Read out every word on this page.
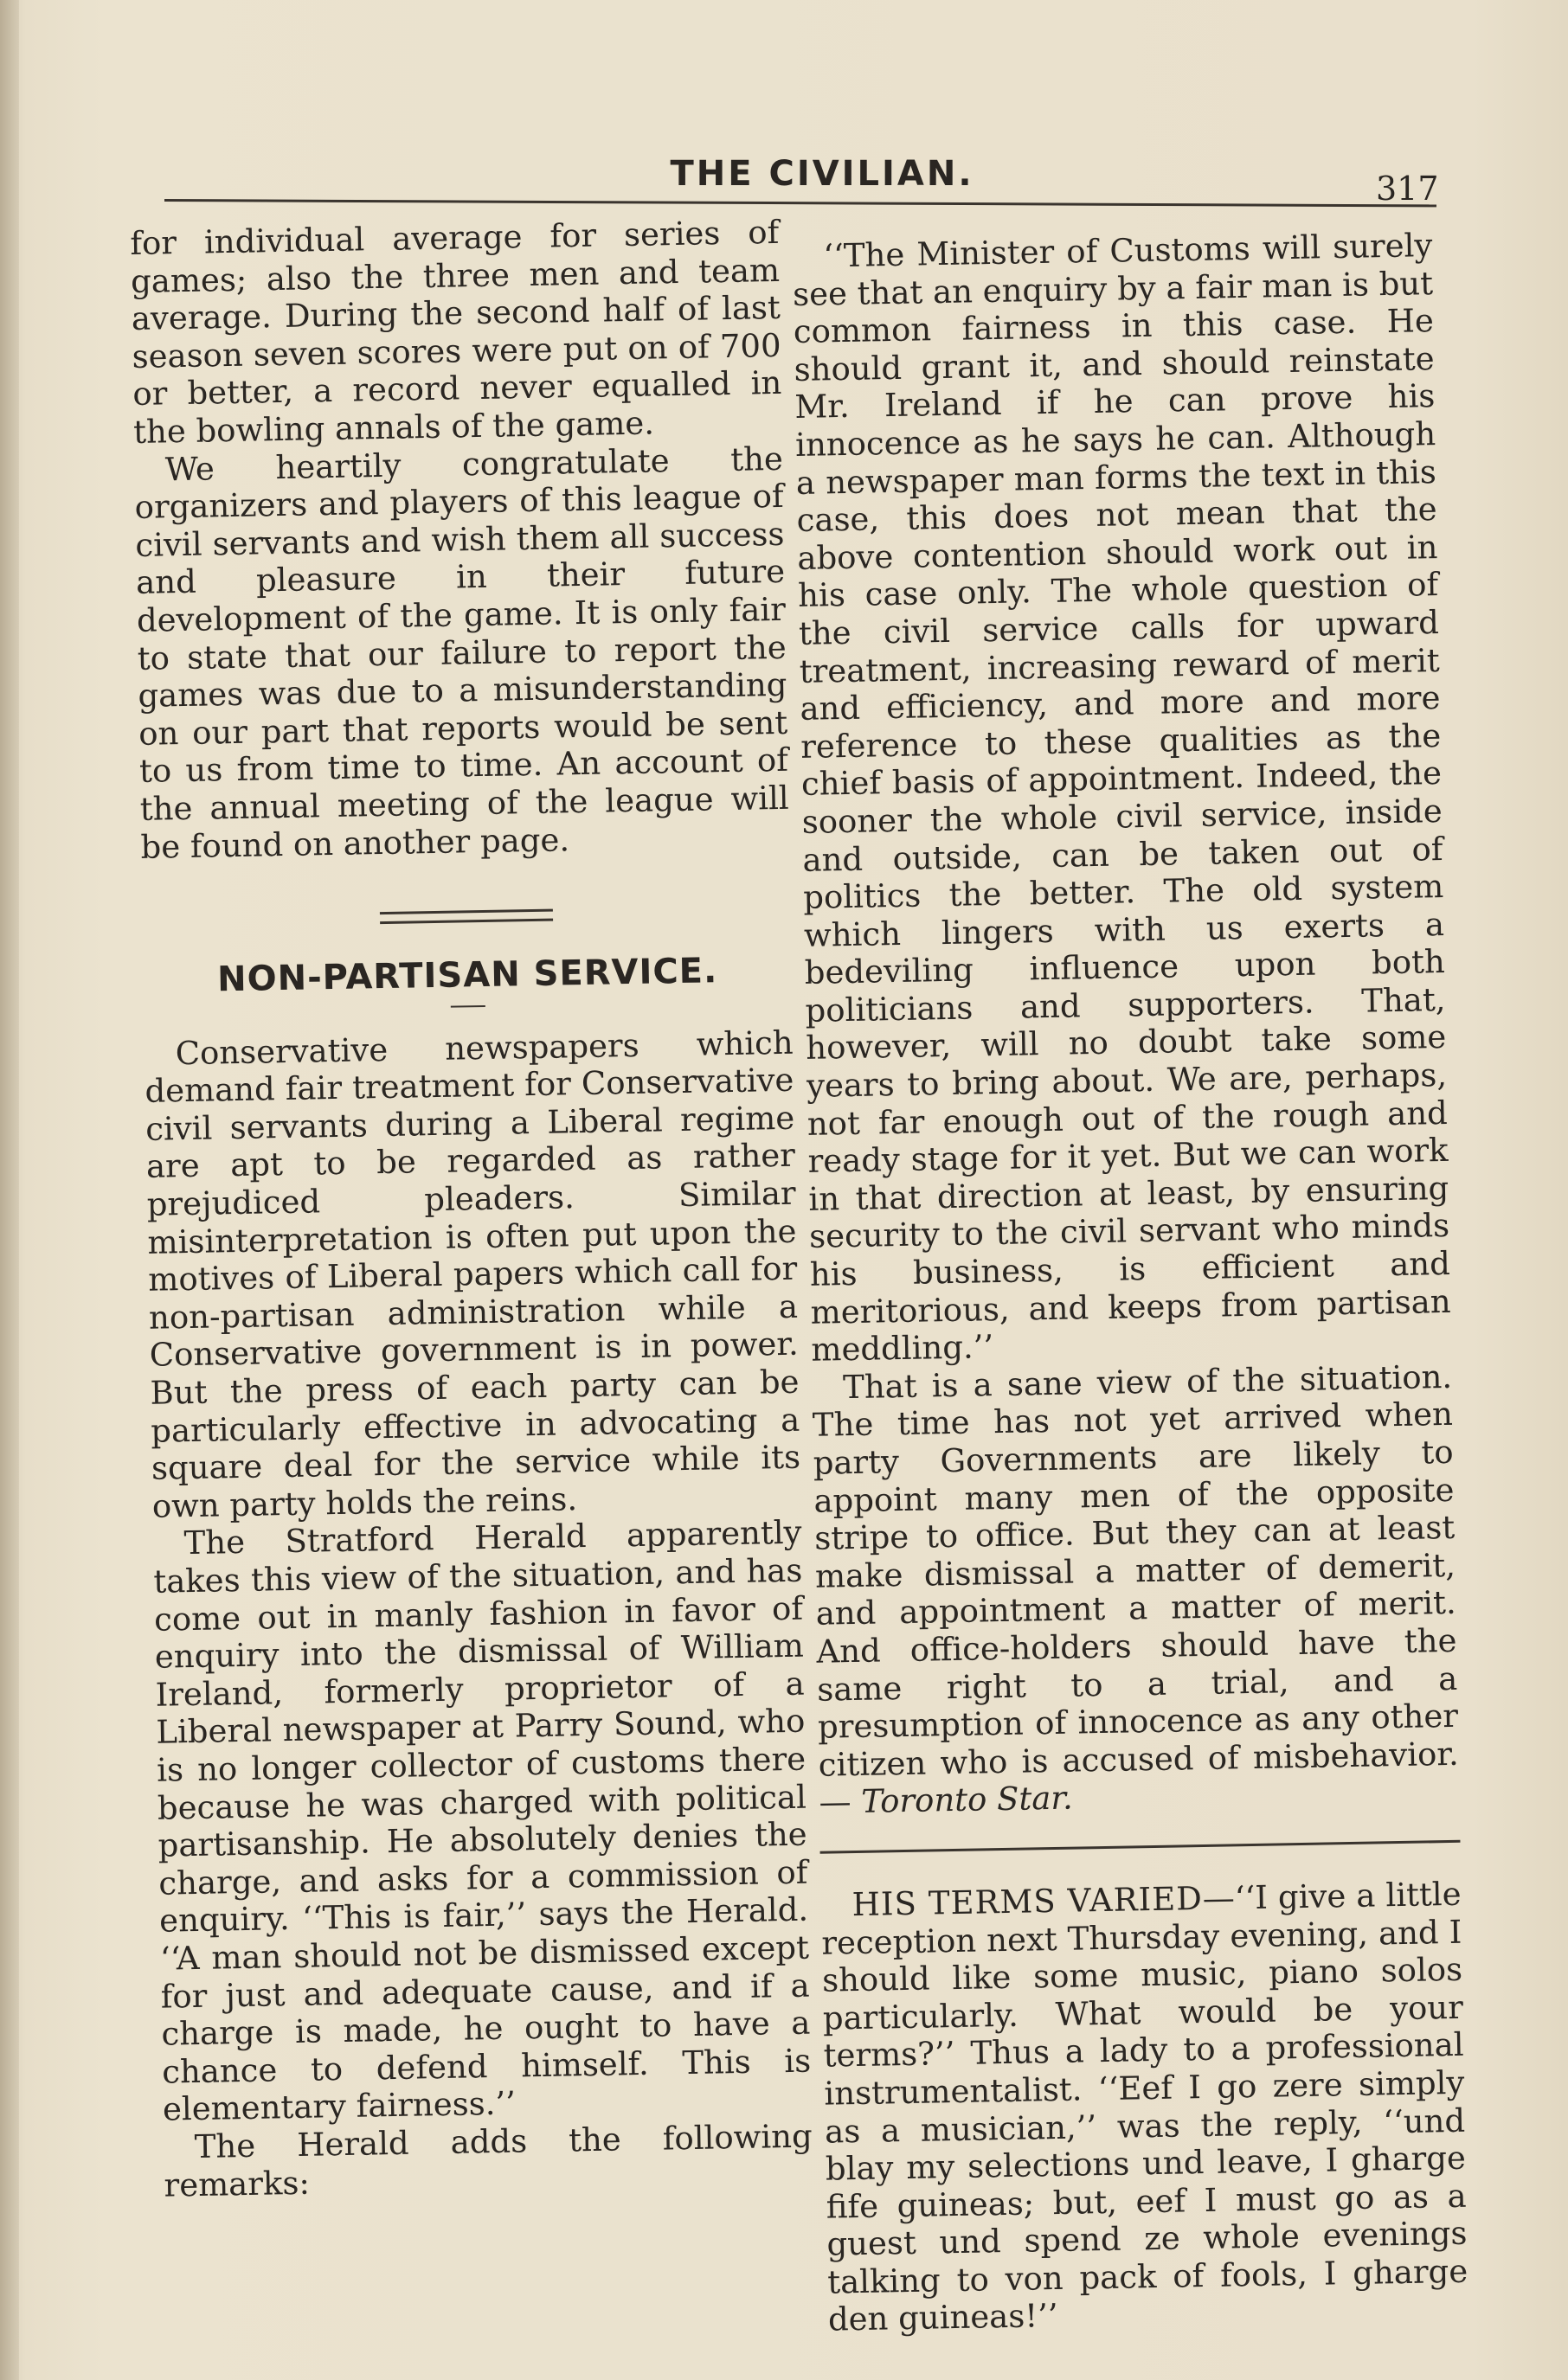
THE CIVILIAN.	317

for individual average for series of games; also the three men and team average. During the second half of last season seven scores were put on of 700 or better, a record never equalled in the bowling annals of the game.

We heartily congratulate the organizers and players of this league of civil servants and wish them all success and pleasure in their future development of the game. It is only fair to state that our failure to report the games was due to a misunderstanding on our part that reports would be sent to us from time to time. An account of the annual meeting of the league will be found on another page.

NON-PARTISAN SERVICE.

Conservative newspapers which demand fair treatment for Conservative civil servants during a Liberal regime are apt to be regarded as rather prejudiced pleaders. Similar misinterpretation is often put upon the motives of Liberal papers which call for non-partisan administration while a Conservative government is in power. But the press of each party can be particularly effective in advocating a square deal for the service while its own party holds the reins.

The Stratford Herald apparently takes this view of the situation, and has come out in manly fashion in favor of enquiry into the dismissal of William Ireland, formerly proprietor of a Liberal newspaper at Parry Sound, who is no longer collector of customs there because he was charged with political partisanship. He absolutely denies the charge, and asks for a commission of enquiry. ‘‘This is fair,’’ says the Herald. ‘‘A man should not be dismissed except for just and adequate cause, and if a charge is made, he ought to have a chance to defend himself. This is elementary fairness.’’

The Herald adds the following remarks:

‘‘The Minister of Customs will surely see that an enquiry by a fair man is but common fairness in this case. He should grant it, and should reinstate Mr. Ireland if he can prove his innocence as he says he can. Although a newspaper man forms the text in this case, this does not mean that the above contention should work out in his case only. The whole question of the civil service calls for upward treatment, increasing reward of merit and efficiency, and more and more reference to these qualities as the chief basis of appointment. Indeed, the sooner the whole civil service, inside and outside, can be taken out of politics the better. The old system which lingers with us exerts a bedeviling influence upon both politicians and supporters. That, however, will no doubt take some years to bring about. We are, perhaps, not far enough out of the rough and ready stage for it yet. But we can work in that direction at least, by ensuring security to the civil servant who minds his business, is efficient and meritorious, and keeps from partisan meddling.’’

That is a sane view of the situation. The time has not yet arrived when party Governments are likely to appoint many men of the opposite stripe to office. But they can at least make dismissal a matter of demerit, and appointment a matter of merit. And office-holders should have the same right to a trial, and a presumption of innocence as any other citizen who is accused of misbehavior. — Toronto Star.

HIS TERMS VARIED—‘‘I give a little reception next Thursday evening, and I should like some music, piano solos particularly. What would be your terms?’’ Thus a lady to a professional instrumentalist. ‘‘Eef I go zere simply as a musician,’’ was the reply, ‘‘und blay my selections und leave, I gharge fife guineas; but, eef I must go as a guest und spend ze whole evenings talking to von pack of fools, I gharge den guineas!’’
